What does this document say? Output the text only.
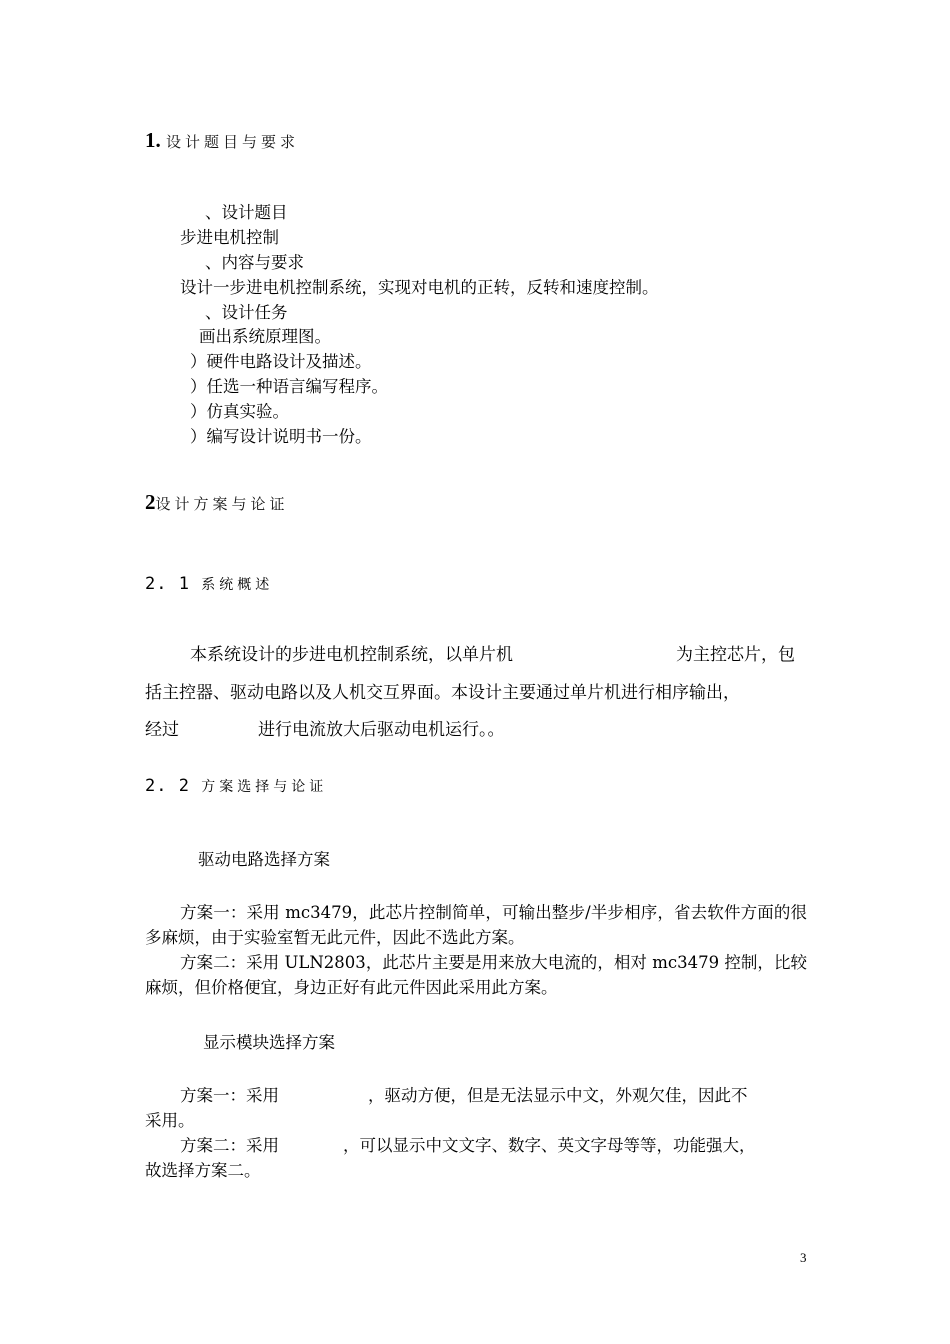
1. 设计题目与要求
、设计题目
步进电机控制
、内容与要求
设计一步进电机控制系统，实现对电机的正转，反转和速度控制。
、设计任务
画出系统原理图。
）硬件电路设计及描述。
）任选一种语言编写程序。
）仿真实验。
）编写设计说明书一份。
2设计方案与论证
2. 1 系统概述
本系统设计的步进电机控制系统，以单片机	为主控芯片，包
括主控器、驱动电路以及人机交互界面。本设计主要通过单片机进行相序输出，
经过	进行电流放大后驱动电机运行。。
2. 2 方案选择与论证
驱动电路选择方案
方案一：采用 mc3479，此芯片控制简单，可输出整步/半步相序，省去软件方面的很多麻烦，由于实验室暂无此元件，因此不选此方案。
方案二：采用 ULN2803，此芯片主要是用来放大电流的，相对 mc3479 控制，比较麻烦，但价格便宜，身边正好有此元件因此采用此方案。
显示模块选择方案
方案一：采用	，驱动方便，但是无法显示中文，外观欠佳，因此不
采用。
方案二：采用	，可以显示中文文字、数字、英文字母等等，功能强大，
故选择方案二。
3
